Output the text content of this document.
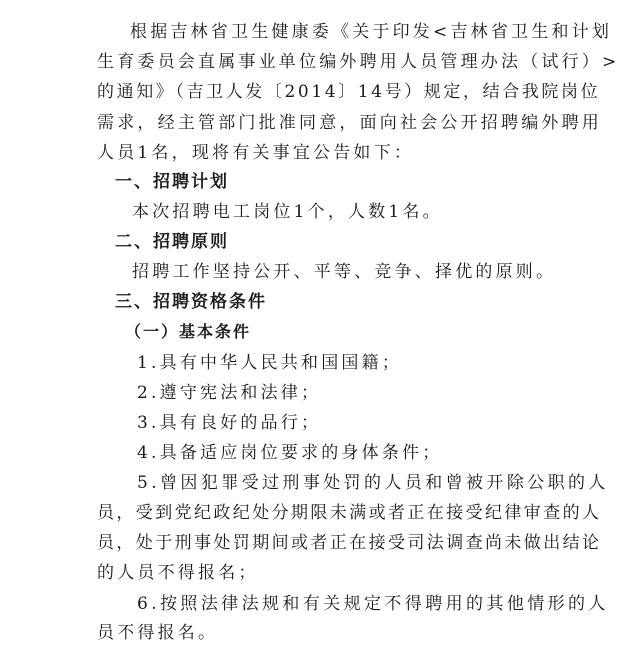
根据吉林省卫生健康委《关于印发<吉林省卫生和计划
生育委员会直属事业单位编外聘用人员管理办法（试行）>
的通知》（吉卫人发〔2014〕14号）规定，结合我院岗位
需求，经主管部门批准同意，面向社会公开招聘编外聘用
人员1名，现将有关事宜公告如下：
一、招聘计划
本次招聘电工岗位1个，人数1名。
二、招聘原则
招聘工作坚持公开、平等、竞争、择优的原则。
三、招聘资格条件
（一）基本条件
1.具有中华人民共和国国籍；
2.遵守宪法和法律；
3.具有良好的品行；
4.具备适应岗位要求的身体条件；
5.曾因犯罪受过刑事处罚的人员和曾被开除公职的人
员，受到党纪政纪处分期限未满或者正在接受纪律审查的人
员，处于刑事处罚期间或者正在接受司法调查尚未做出结论
的人员不得报名；
6.按照法律法规和有关规定不得聘用的其他情形的人
员不得报名。
